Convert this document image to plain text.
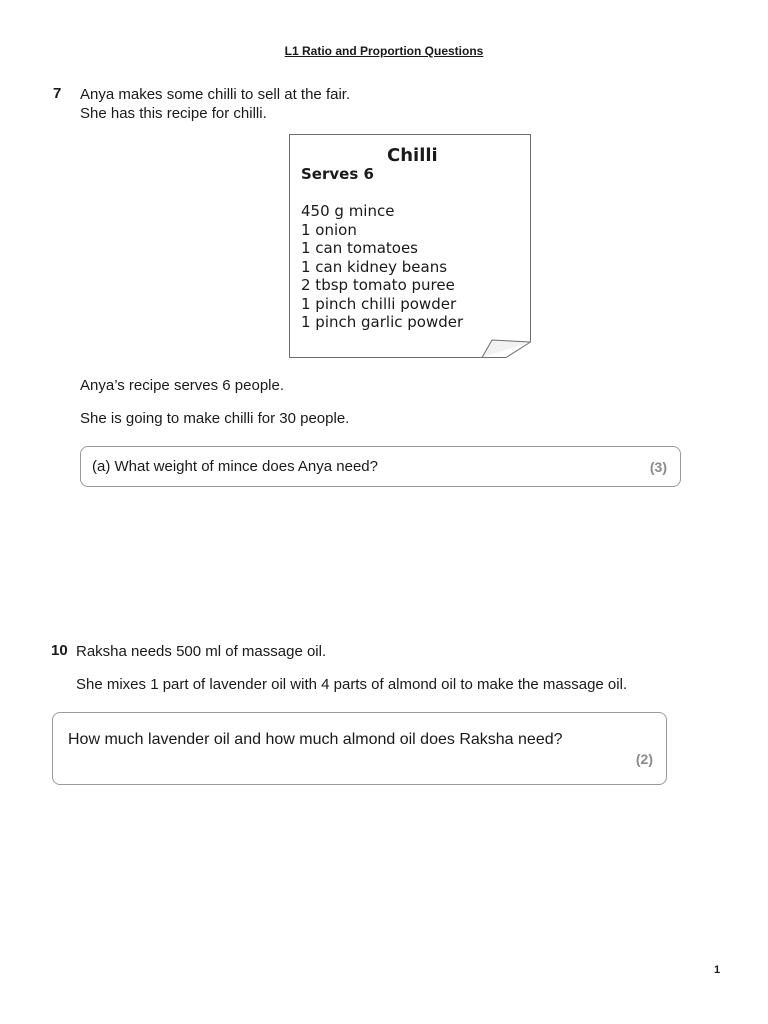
L1 Ratio and Proportion Questions
7 Anya makes some chilli to sell at the fair.
She has this recipe for chilli.
Chilli
Serves 6
450 g mince
1 onion
1 can tomatoes
1 can kidney beans
2 tbsp tomato puree
1 pinch chilli powder
1 pinch garlic powder
Anya’s recipe serves 6 people.
She is going to make chilli for 30 people.
(a) What weight of mince does Anya need?	(3)
10 Raksha needs 500 ml of massage oil.
She mixes 1 part of lavender oil with 4 parts of almond oil to make the massage oil.
How much lavender oil and how much almond oil does Raksha need?
(2)
1
